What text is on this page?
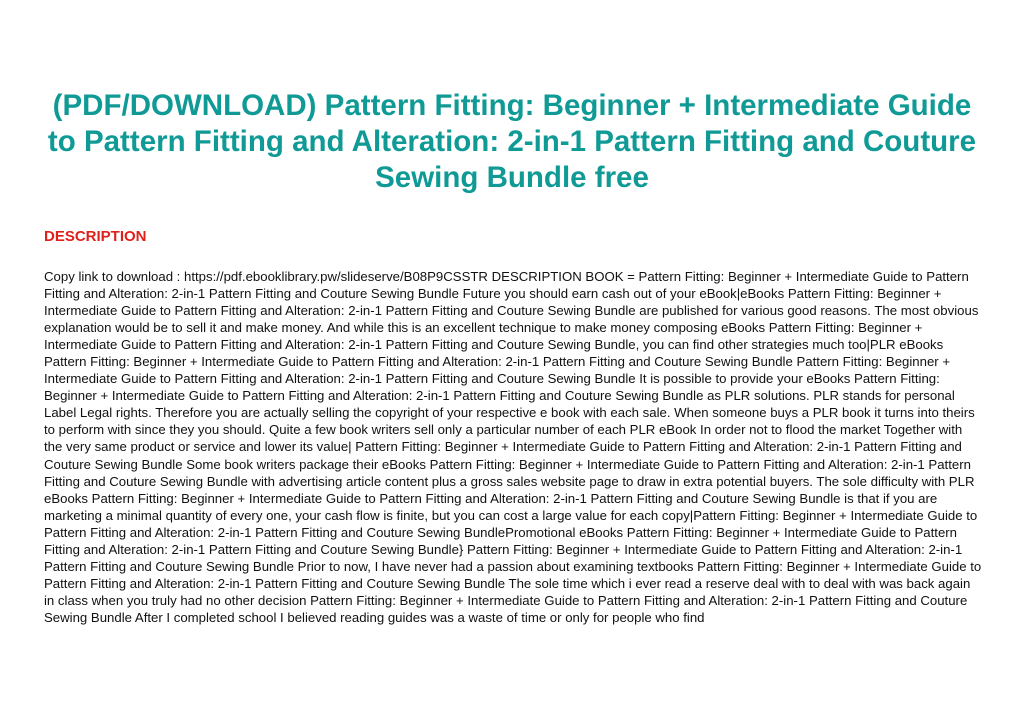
(PDF/DOWNLOAD) Pattern Fitting: Beginner + Intermediate Guide to Pattern Fitting and Alteration: 2-in-1 Pattern Fitting and Couture Sewing Bundle free
DESCRIPTION

Copy link to download : https://pdf.ebooklibrary.pw/slideserve/B08P9CSSTR DESCRIPTION BOOK = Pattern Fitting: Beginner + Intermediate Guide to Pattern Fitting and Alteration: 2-in-1 Pattern Fitting and Couture Sewing Bundle Future you should earn cash out of your eBook|eBooks Pattern Fitting: Beginner + Intermediate Guide to Pattern Fitting and Alteration: 2-in-1 Pattern Fitting and Couture Sewing Bundle are published for various good reasons. The most obvious explanation would be to sell it and make money. And while this is an excellent technique to make money composing eBooks Pattern Fitting: Beginner + Intermediate Guide to Pattern Fitting and Alteration: 2-in-1 Pattern Fitting and Couture Sewing Bundle, you can find other strategies much too|PLR eBooks Pattern Fitting: Beginner + Intermediate Guide to Pattern Fitting and Alteration: 2-in-1 Pattern Fitting and Couture Sewing Bundle Pattern Fitting: Beginner + Intermediate Guide to Pattern Fitting and Alteration: 2-in-1 Pattern Fitting and Couture Sewing Bundle It is possible to provide your eBooks Pattern Fitting: Beginner + Intermediate Guide to Pattern Fitting and Alteration: 2-in-1 Pattern Fitting and Couture Sewing Bundle as PLR solutions. PLR stands for personal Label Legal rights. Therefore you are actually selling the copyright of your respective e book with each sale. When someone buys a PLR book it turns into theirs to perform with since they you should. Quite a few book writers sell only a particular number of each PLR eBook In order not to flood the market Together with the very same product or service and lower its value| Pattern Fitting: Beginner + Intermediate Guide to Pattern Fitting and Alteration: 2-in-1 Pattern Fitting and Couture Sewing Bundle Some book writers package their eBooks Pattern Fitting: Beginner + Intermediate Guide to Pattern Fitting and Alteration: 2-in-1 Pattern Fitting and Couture Sewing Bundle with advertising article content plus a gross sales website page to draw in extra potential buyers. The sole difficulty with PLR eBooks Pattern Fitting: Beginner + Intermediate Guide to Pattern Fitting and Alteration: 2-in-1 Pattern Fitting and Couture Sewing Bundle is that if you are marketing a minimal quantity of every one, your cash flow is finite, but you can cost a large value for each copy|Pattern Fitting: Beginner + Intermediate Guide to Pattern Fitting and Alteration: 2-in-1 Pattern Fitting and Couture Sewing BundlePromotional eBooks Pattern Fitting: Beginner + Intermediate Guide to Pattern Fitting and Alteration: 2-in-1 Pattern Fitting and Couture Sewing Bundle} Pattern Fitting: Beginner + Intermediate Guide to Pattern Fitting and Alteration: 2-in-1 Pattern Fitting and Couture Sewing Bundle Prior to now, I have never had a passion about examining textbooks Pattern Fitting: Beginner + Intermediate Guide to Pattern Fitting and Alteration: 2-in-1 Pattern Fitting and Couture Sewing Bundle The sole time which i ever read a reserve deal with to deal with was back again in class when you truly had no other decision Pattern Fitting: Beginner + Intermediate Guide to Pattern Fitting and Alteration: 2-in-1 Pattern Fitting and Couture Sewing Bundle After I completed school I believed reading guides was a waste of time or only for people who find
